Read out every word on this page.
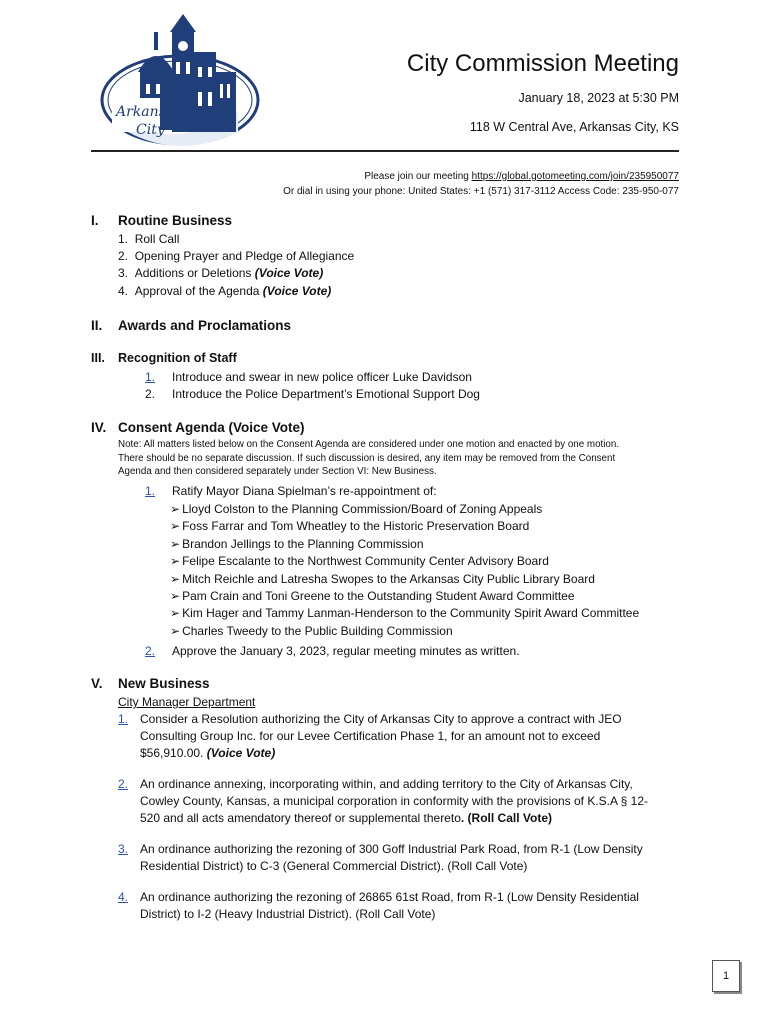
Arkansas
City
City Commission Meeting
January 18, 2023 at 5:30 PM
118 W Central Ave, Arkansas City, KS
Please join our meeting https://global.gotomeeting.com/join/235950077
Or dial in using your phone: United States: +1 (571) 317-3112 Access Code: 235-950-077
I. Routine Business
1. Roll Call
2. Opening Prayer and Pledge of Allegiance
3. Additions or Deletions (Voice Vote)
4. Approval of the Agenda (Voice Vote)
II. Awards and Proclamations
III. Recognition of Staff
1. Introduce and swear in new police officer Luke Davidson
2. Introduce the Police Department’s Emotional Support Dog
IV. Consent Agenda (Voice Vote)
Note: All matters listed below on the Consent Agenda are considered under one motion and enacted by one motion.
There should be no separate discussion. If such discussion is desired, any item may be removed from the Consent
Agenda and then considered separately under Section VI: New Business.
1. Ratify Mayor Diana Spielman’s re-appointment of:
➢ Lloyd Colston to the Planning Commission/Board of Zoning Appeals
➢ Foss Farrar and Tom Wheatley to the Historic Preservation Board
➢ Brandon Jellings to the Planning Commission
➢ Felipe Escalante to the Northwest Community Center Advisory Board
➢ Mitch Reichle and Latresha Swopes to the Arkansas City Public Library Board
➢ Pam Crain and Toni Greene to the Outstanding Student Award Committee
➢ Kim Hager and Tammy Lanman-Henderson to the Community Spirit Award Committee
➢ Charles Tweedy to the Public Building Commission
2. Approve the January 3, 2023, regular meeting minutes as written.
V. New Business
City Manager Department
1. Consider a Resolution authorizing the City of Arkansas City to approve a contract with JEO
Consulting Group Inc. for our Levee Certification Phase 1, for an amount not to exceed
$56,910.00. (Voice Vote)
2. An ordinance annexing, incorporating within, and adding territory to the City of Arkansas City,
Cowley County, Kansas, a municipal corporation in conformity with the provisions of K.S.A § 12-
520 and all acts amendatory thereof or supplemental thereto. (Roll Call Vote)
3. An ordinance authorizing the rezoning of 300 Goff Industrial Park Road, from R-1 (Low Density
Residential District) to C-3 (General Commercial District). (Roll Call Vote)
4. An ordinance authorizing the rezoning of 26865 61st Road, from R-1 (Low Density Residential
District) to I-2 (Heavy Industrial District). (Roll Call Vote)
1
